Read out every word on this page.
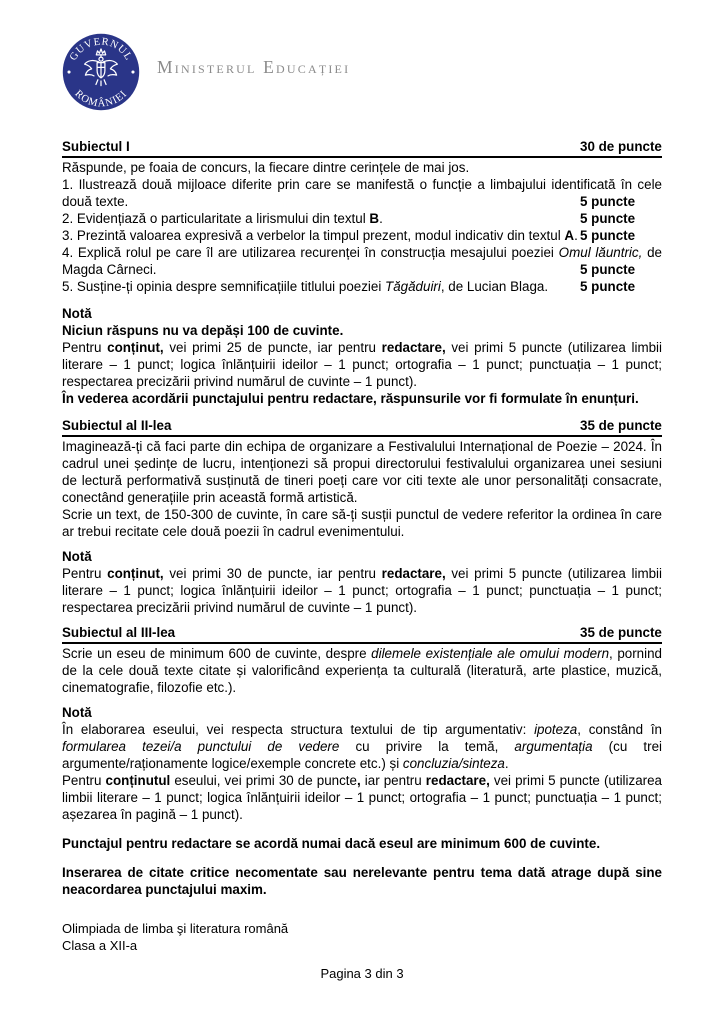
GUVERNUL
ROMÂNIEI
Ministerul Educației
Subiectul I	30 de puncte
Răspunde, pe foaia de concurs, la fiecare dintre cerințele de mai jos.
1. Ilustrează două mijloace diferite prin care se manifestă o funcție a limbajului identificată în cele două texte.	5 puncte
2. Evidențiază o particularitate a lirismului din textul B.	5 puncte
3. Prezintă valoarea expresivă a verbelor la timpul prezent, modul indicativ din textul A. 5 puncte
4. Explică rolul pe care îl are utilizarea recurenței în construcția mesajului poeziei Omul lăuntric, de Magda Cârneci.	5 puncte
5. Susține-ți opinia despre semnificațiile titlului poeziei Tăgăduiri, de Lucian Blaga. 5 puncte
Notă
Niciun răspuns nu va depăși 100 de cuvinte.
Pentru conținut, vei primi 25 de puncte, iar pentru redactare, vei primi 5 puncte (utilizarea limbii literare – 1 punct; logica înlănțuirii ideilor – 1 punct; ortografia – 1 punct; punctuația – 1 punct; respectarea precizării privind numărul de cuvinte – 1 punct).
În vederea acordării punctajului pentru redactare, răspunsurile vor fi formulate în enunțuri.
Subiectul al II-lea	35 de puncte
Imaginează-ți că faci parte din echipa de organizare a Festivalului Internațional de Poezie – 2024. În cadrul unei ședințe de lucru, intenționezi să propui directorului festivalului organizarea unei sesiuni de lectură performativă susținută de tineri poeți care vor citi texte ale unor personalități consacrate, conectând generațiile prin această formă artistică.
Scrie un text, de 150-300 de cuvinte, în care să-ți susții punctul de vedere referitor la ordinea în care ar trebui recitate cele două poezii în cadrul evenimentului.
Notă
Pentru conținut, vei primi 30 de puncte, iar pentru redactare, vei primi 5 puncte (utilizarea limbii literare – 1 punct; logica înlănțuirii ideilor – 1 punct; ortografia – 1 punct; punctuația – 1 punct; respectarea precizării privind numărul de cuvinte – 1 punct).
Subiectul al III-lea	35 de puncte
Scrie un eseu de minimum 600 de cuvinte, despre dilemele existențiale ale omului modern, pornind de la cele două texte citate și valorificând experiența ta culturală (literatură, arte plastice, muzică, cinematografie, filozofie etc.).
Notă
În elaborarea eseului, vei respecta structura textului de tip argumentativ: ipoteza, constând în formularea tezei/a punctului de vedere cu privire la temă, argumentația (cu trei argumente/raționamente logice/exemple concrete etc.) și concluzia/sinteza.
Pentru conținutul eseului, vei primi 30 de puncte, iar pentru redactare, vei primi 5 puncte (utilizarea limbii literare – 1 punct; logica înlănțuirii ideilor – 1 punct; ortografia – 1 punct; punctuația – 1 punct; așezarea în pagină – 1 punct).
Punctajul pentru redactare se acordă numai dacă eseul are minimum 600 de cuvinte.
Inserarea de citate critice necomentate sau nerelevante pentru tema dată atrage după sine neacordarea punctajului maxim.
Olimpiada de limba şi literatura română
Clasa a XII-a
Pagina 3 din 3
